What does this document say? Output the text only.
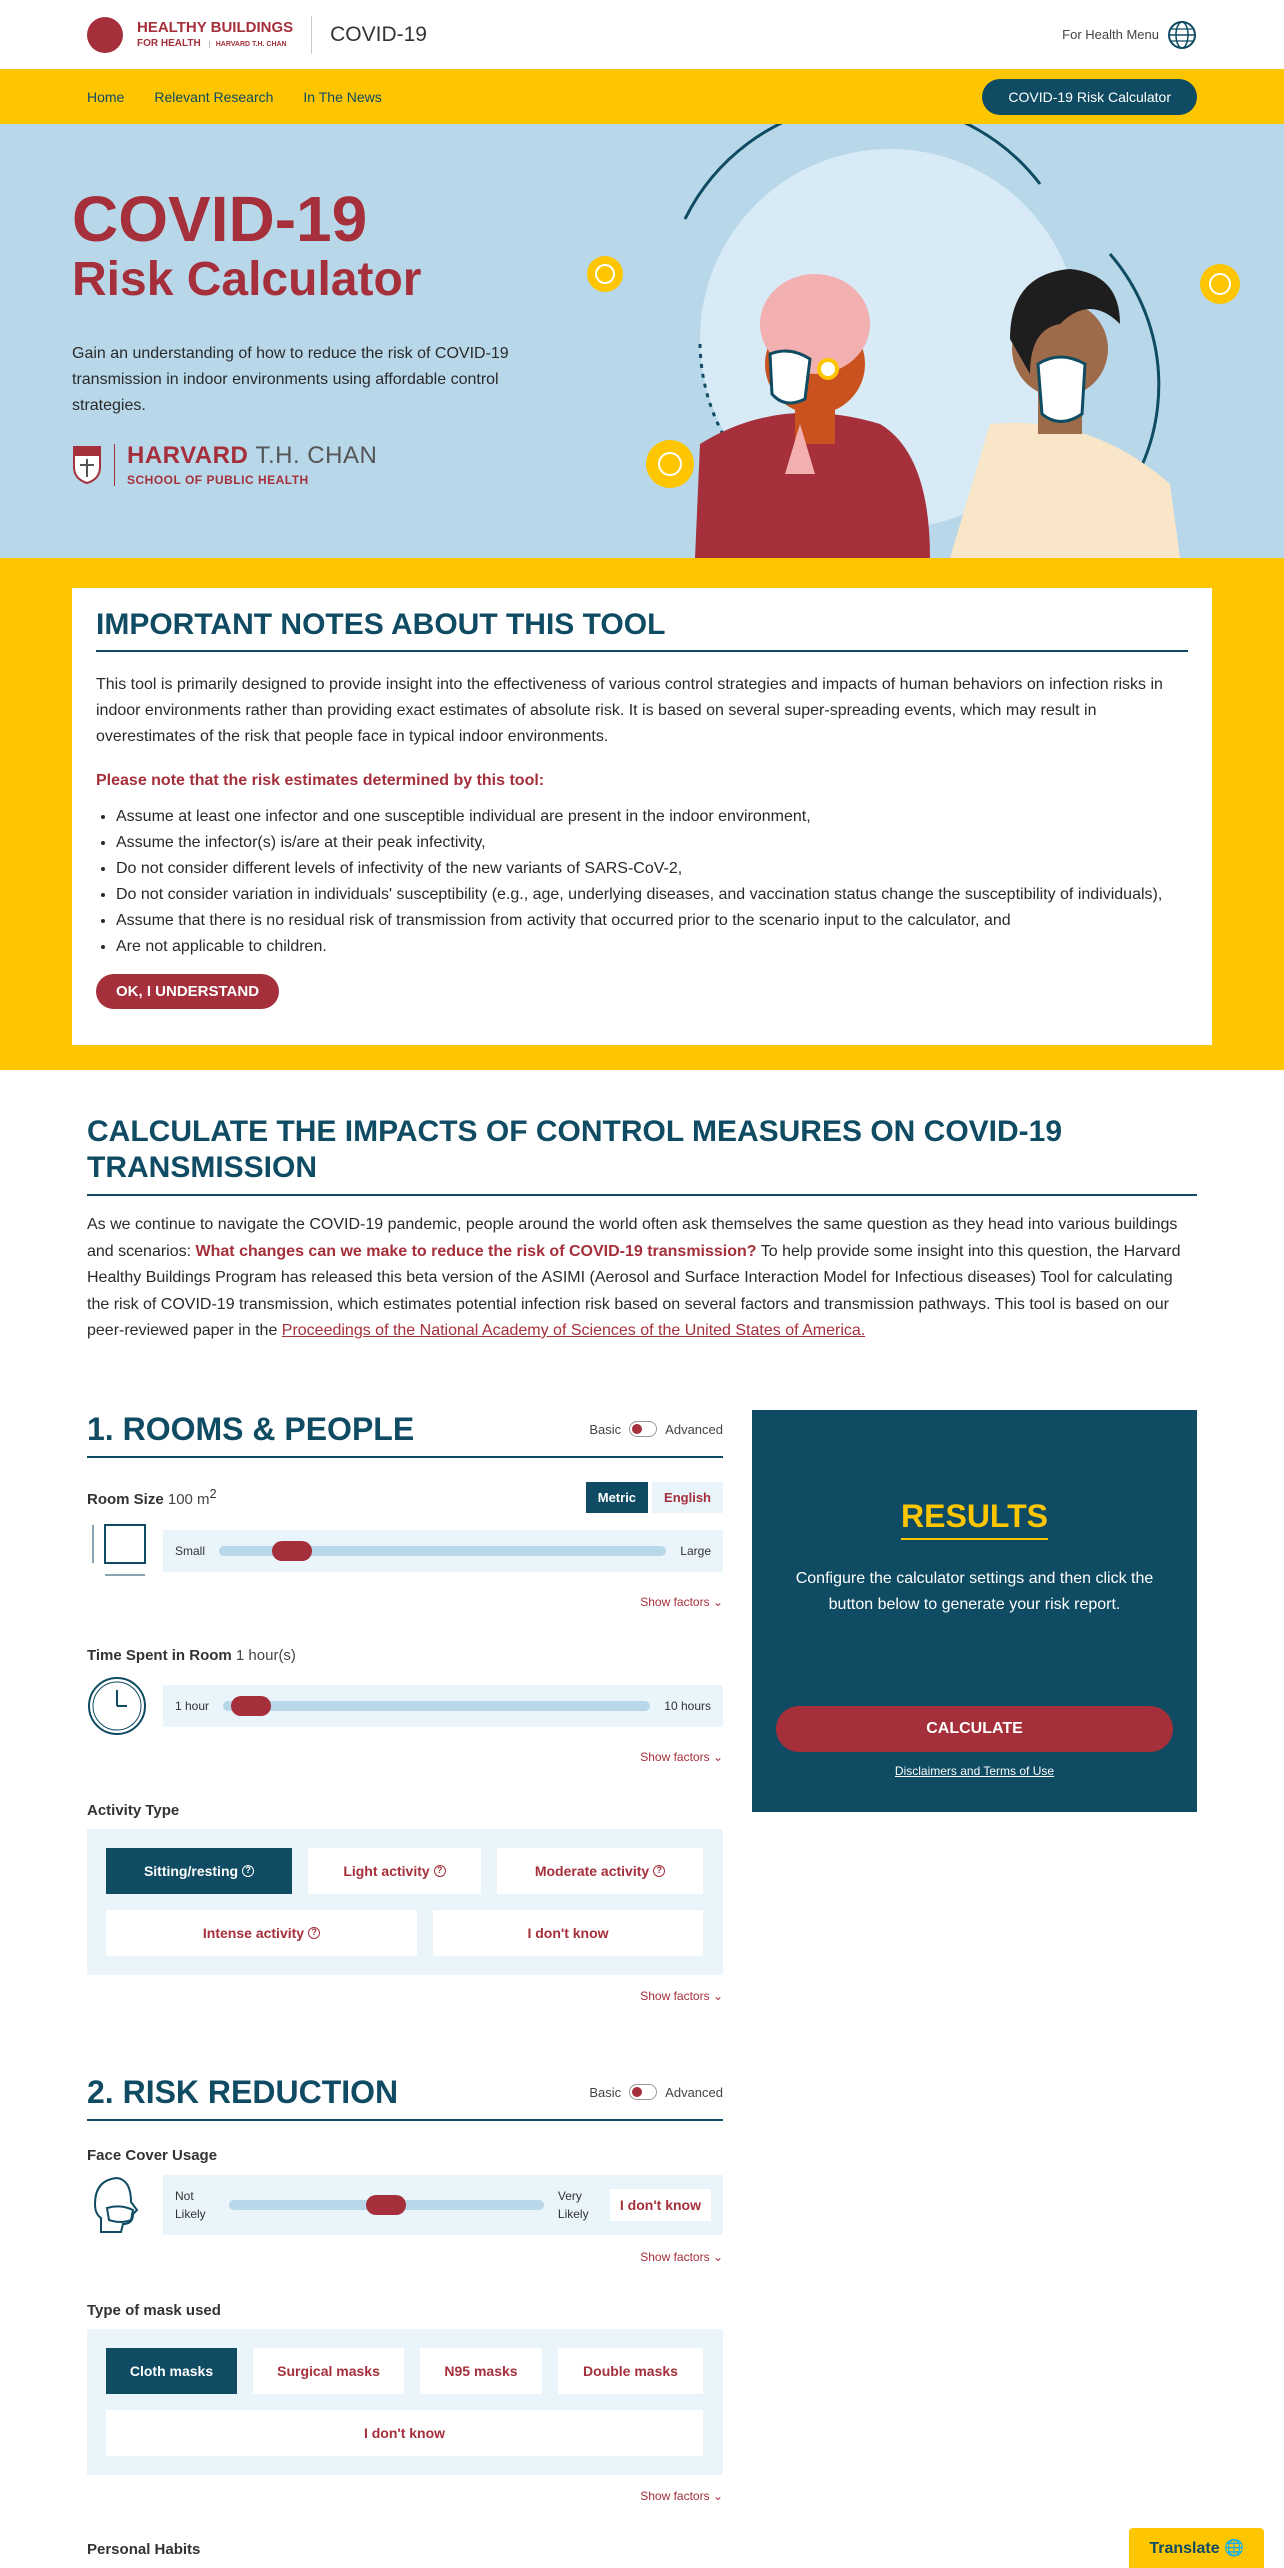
HEALTHY BUILDINGS
FOR HEALTH	HARVARD T.H. CHAN COVID-19	For Health Menu
Home Relevant Research In The News	COVID-19 Risk Calculator
COVID-19
Risk Calculator
Gain an understanding of how to reduce the risk of COVID-19 transmission in indoor environments using affordable control strategies.
HARVARD T.H. CHAN
SCHOOL OF PUBLIC HEALTH
IMPORTANT NOTES ABOUT THIS TOOL
This tool is primarily designed to provide insight into the effectiveness of various control strategies and impacts of human behaviors on infection risks in indoor environments rather than providing exact estimates of absolute risk. It is based on several super-spreading events, which may result in overestimates of the risk that people face in typical indoor environments.
Please note that the risk estimates determined by this tool:
• Assume at least one infector and one susceptible individual are present in the indoor environment,
• Assume the infector(s) is/are at their peak infectivity,
• Do not consider different levels of infectivity of the new variants of SARS-CoV-2,
• Do not consider variation in individuals' susceptibility (e.g., age, underlying diseases, and vaccination status change the susceptibility of individuals),
• Assume that there is no residual risk of transmission from activity that occurred prior to the scenario input to the calculator, and
• Are not applicable to children.
OK, I UNDERSTAND
CALCULATE THE IMPACTS OF CONTROL MEASURES ON COVID-19 TRANSMISSION
As we continue to navigate the COVID-19 pandemic, people around the world often ask themselves the same question as they head into various buildings and scenarios: What changes can we make to reduce the risk of COVID-19 transmission? To help provide some insight into this question, the Harvard Healthy Buildings Program has released this beta version of the ASIMI (Aerosol and Surface Interaction Model for Infectious diseases) Tool for calculating the risk of COVID-19 transmission, which estimates potential infection risk based on several factors and transmission pathways. This tool is based on our peer-reviewed paper in the Proceedings of the National Academy of Sciences of the United States of America.
1. ROOMS & PEOPLE	Basic	Advanced
Room Size 100 $m^2$	Metric	English
Small	Large
Show factors ⌄
Time Spent in Room 1 hour(s)
1 hour	10 hours
Show factors ⌄
Activity Type
Sitting/resting ?	Light activity ?	Moderate activity ?
Intense activity ?	I don't know
Show factors ⌄
2. RISK REDUCTION	Basic	Advanced
Face Cover Usage
Not Likely
Very Likely
I don't know
Show factors ⌄
Type of mask used
Cloth masks	Surgical masks	N95 masks	Double masks
I don't know
Show factors ⌄
Personal Habits
RESULTS
Configure the calculator settings and then click the button below to generate your risk report.
CALCULATE
Disclaimers and Terms of Use
Translate 🌐
